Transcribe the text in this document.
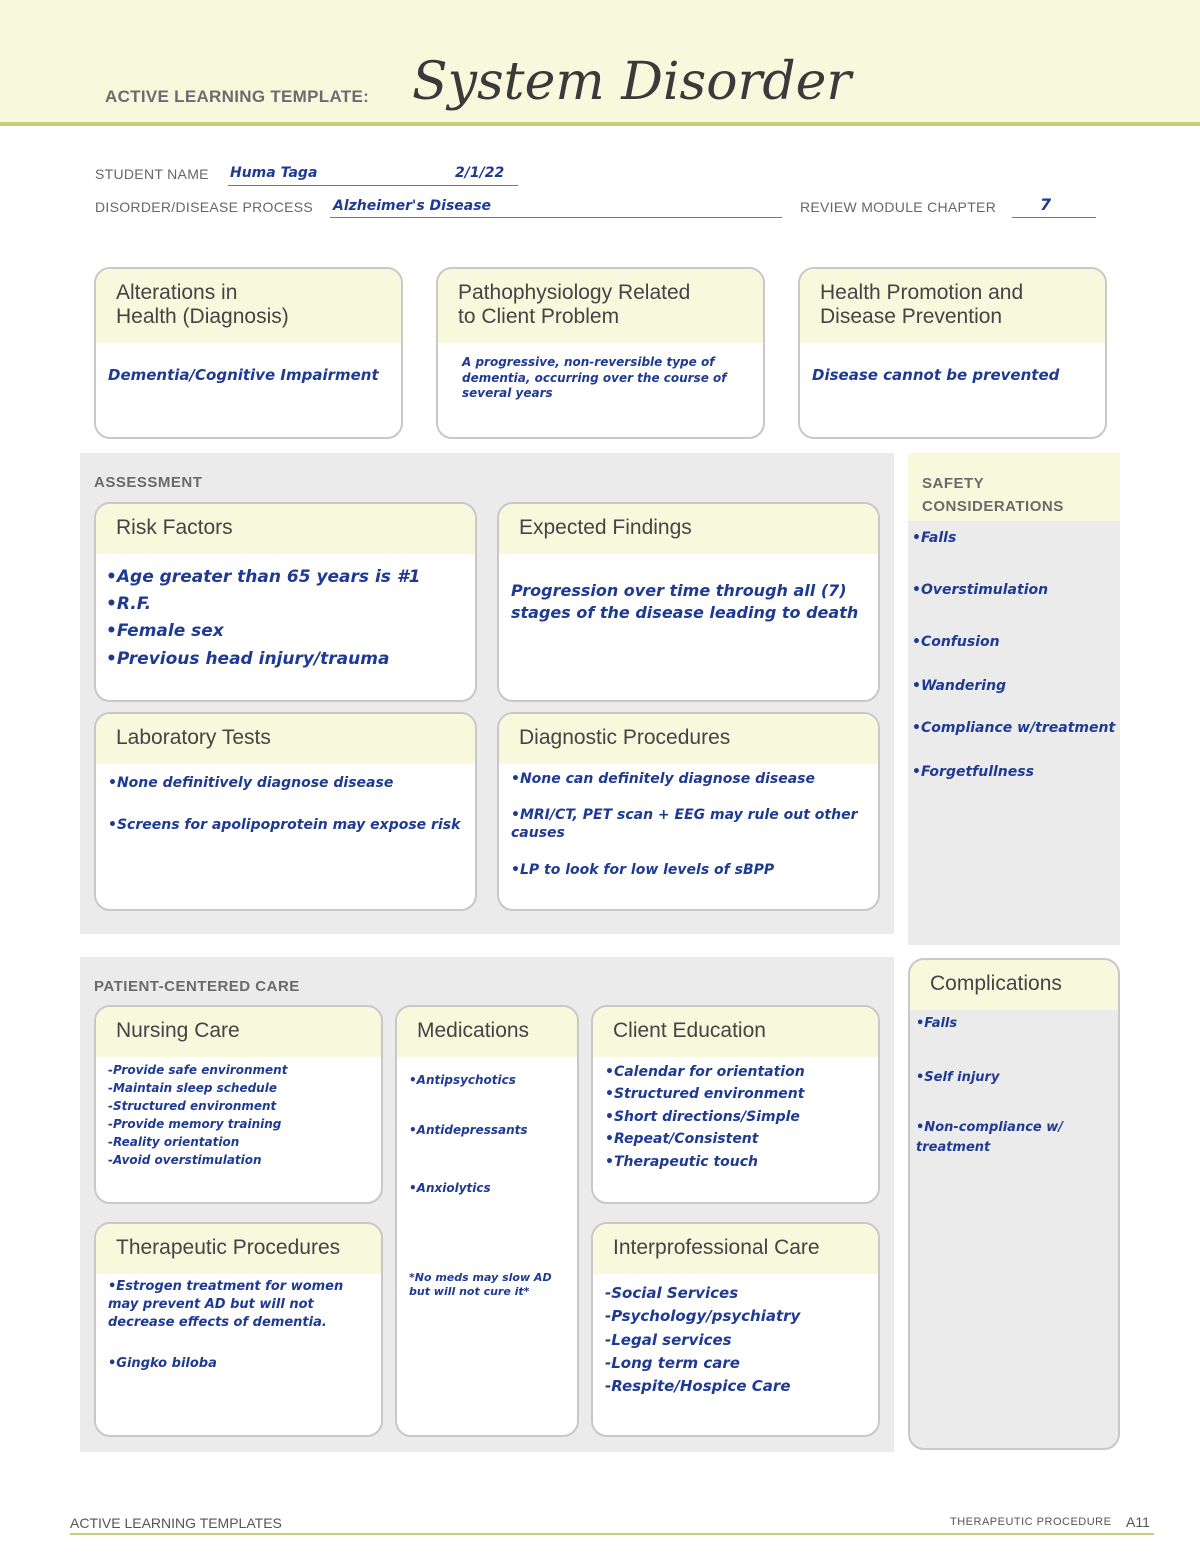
ACTIVE LEARNING TEMPLATE: System Disorder
STUDENT NAME Huma Taga	2/1/22
DISORDER/DISEASE PROCESS Alzheimer's Disease	REVIEW MODULE CHAPTER	7
Alterations in
Health (Diagnosis)
Dementia/Cognitive Impairment
Pathophysiology Related
to Client Problem
A progressive, non-reversible type of dementia, occurring over the course of several years
Health Promotion and
Disease Prevention
Disease cannot be prevented
ASSESSMENT
Risk Factors
•Age greater than 65 years is #1
•R.F.
•Female sex
•Previous head injury/trauma
Expected Findings
Progression over time through all (7) stages of the disease leading to death
Laboratory Tests
•None definitively diagnose disease
•Screens for apolipoprotein may expose risk
Diagnostic Procedures
•None can definitely diagnose disease
•MRI/CT, PET scan + EEG may rule out other causes
•LP to look for low levels of sBPP
SAFETY
CONSIDERATIONS
•Falls
•Overstimulation
•Confusion
•Wandering
•Compliance w/treatment
•Forgetfullness
PATIENT-CENTERED CARE
Nursing Care
-Provide safe environment
-Maintain sleep schedule
-Structured environment
-Provide memory training
-Reality orientation
-Avoid overstimulation
Medications
•Antipsychotics
•Antidepressants
•Anxiolytics
*No meds may slow AD but will not cure it*
Client Education
•Calendar for orientation
•Structured environment
•Short directions/Simple
•Repeat/Consistent
•Therapeutic touch
Therapeutic Procedures
•Estrogen treatment for women may prevent AD but will not decrease effects of dementia.
•Gingko biloba
Interprofessional Care
-Social Services
-Psychology/psychiatry
-Legal services
-Long term care
-Respite/Hospice Care
Complications
•Falls
•Self injury
•Non-compliance w/ treatment
ACTIVE LEARNING TEMPLATES	THERAPEUTIC PROCEDURE A11
